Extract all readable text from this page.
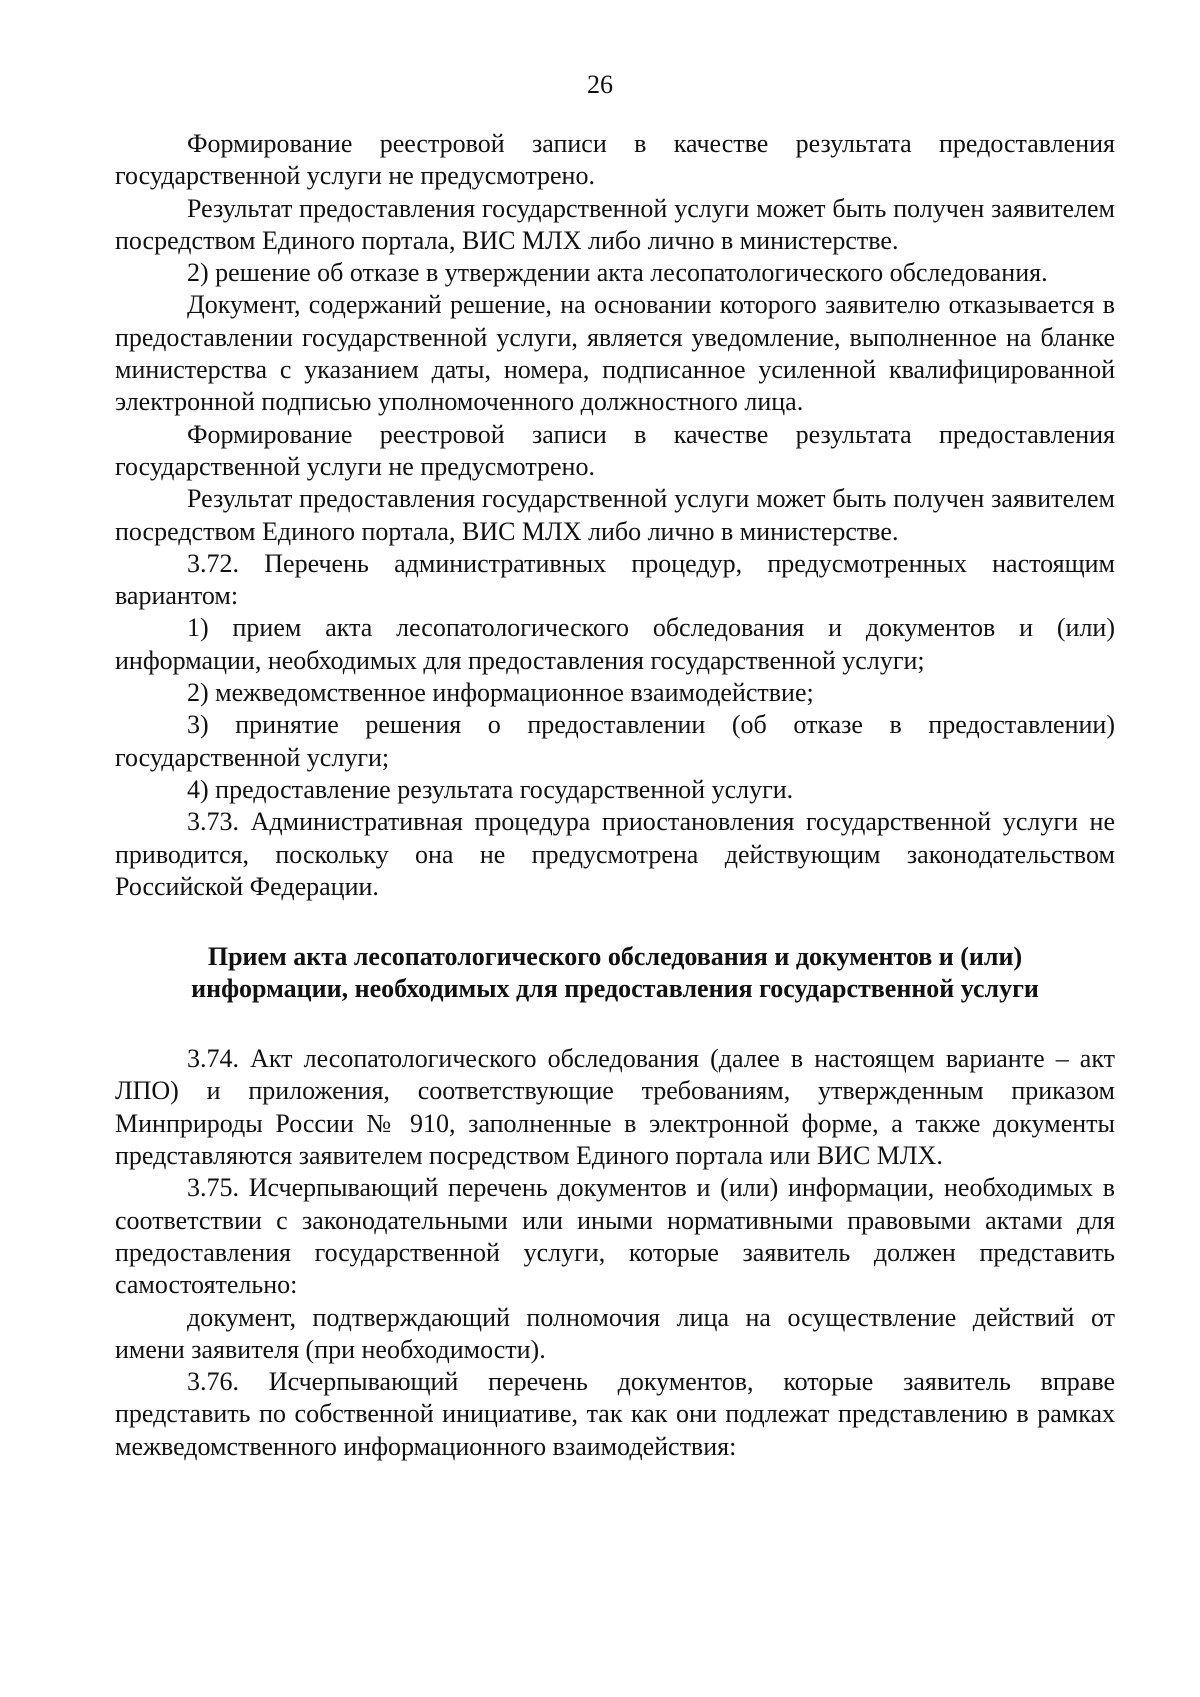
26

Формирование реестровой записи в качестве результата предоставления государственной услуги не предусмотрено.

Результат предоставления государственной услуги может быть получен заявителем посредством Единого портала, ВИС МЛХ либо лично в министерстве.

2) решение об отказе в утверждении акта лесопатологического обследования.

Документ, содержаний решение, на основании которого заявителю отказывается в предоставлении государственной услуги, является уведомление, выполненное на бланке министерства с указанием даты, номера, подписанное усиленной квалифицированной электронной подписью уполномоченного должностного лица.

Формирование реестровой записи в качестве результата предоставления государственной услуги не предусмотрено.

Результат предоставления государственной услуги может быть получен заявителем посредством Единого портала, ВИС МЛХ либо лично в министерстве.

3.72. Перечень административных процедур, предусмотренных настоящим вариантом:

1) прием акта лесопатологического обследования и документов и (или) информации, необходимых для предоставления государственной услуги;

2) межведомственное информационное взаимодействие;

3) принятие решения о предоставлении (об отказе в предоставлении) государственной услуги;

4) предоставление результата государственной услуги.

3.73. Административная процедура приостановления государственной услуги не приводится, поскольку она не предусмотрена действующим законодательством Российской Федерации.

Прием акта лесопатологического обследования и документов и (или)
информации, необходимых для предоставления государственной услуги

3.74. Акт лесопатологического обследования (далее в настоящем варианте – акт ЛПО) и приложения, соответствующие требованиям, утвержденным приказом Минприроды России № 910, заполненные в электронной форме, а также документы представляются заявителем посредством Единого портала или ВИС МЛХ.

3.75. Исчерпывающий перечень документов и (или) информации, необходимых в соответствии с законодательными или иными нормативными правовыми актами для предоставления государственной услуги, которые заявитель должен представить самостоятельно:

документ, подтверждающий полномочия лица на осуществление действий от имени заявителя (при необходимости).

3.76. Исчерпывающий перечень документов, которые заявитель вправе представить по собственной инициативе, так как они подлежат представлению в рамках межведомственного информационного взаимодействия:
